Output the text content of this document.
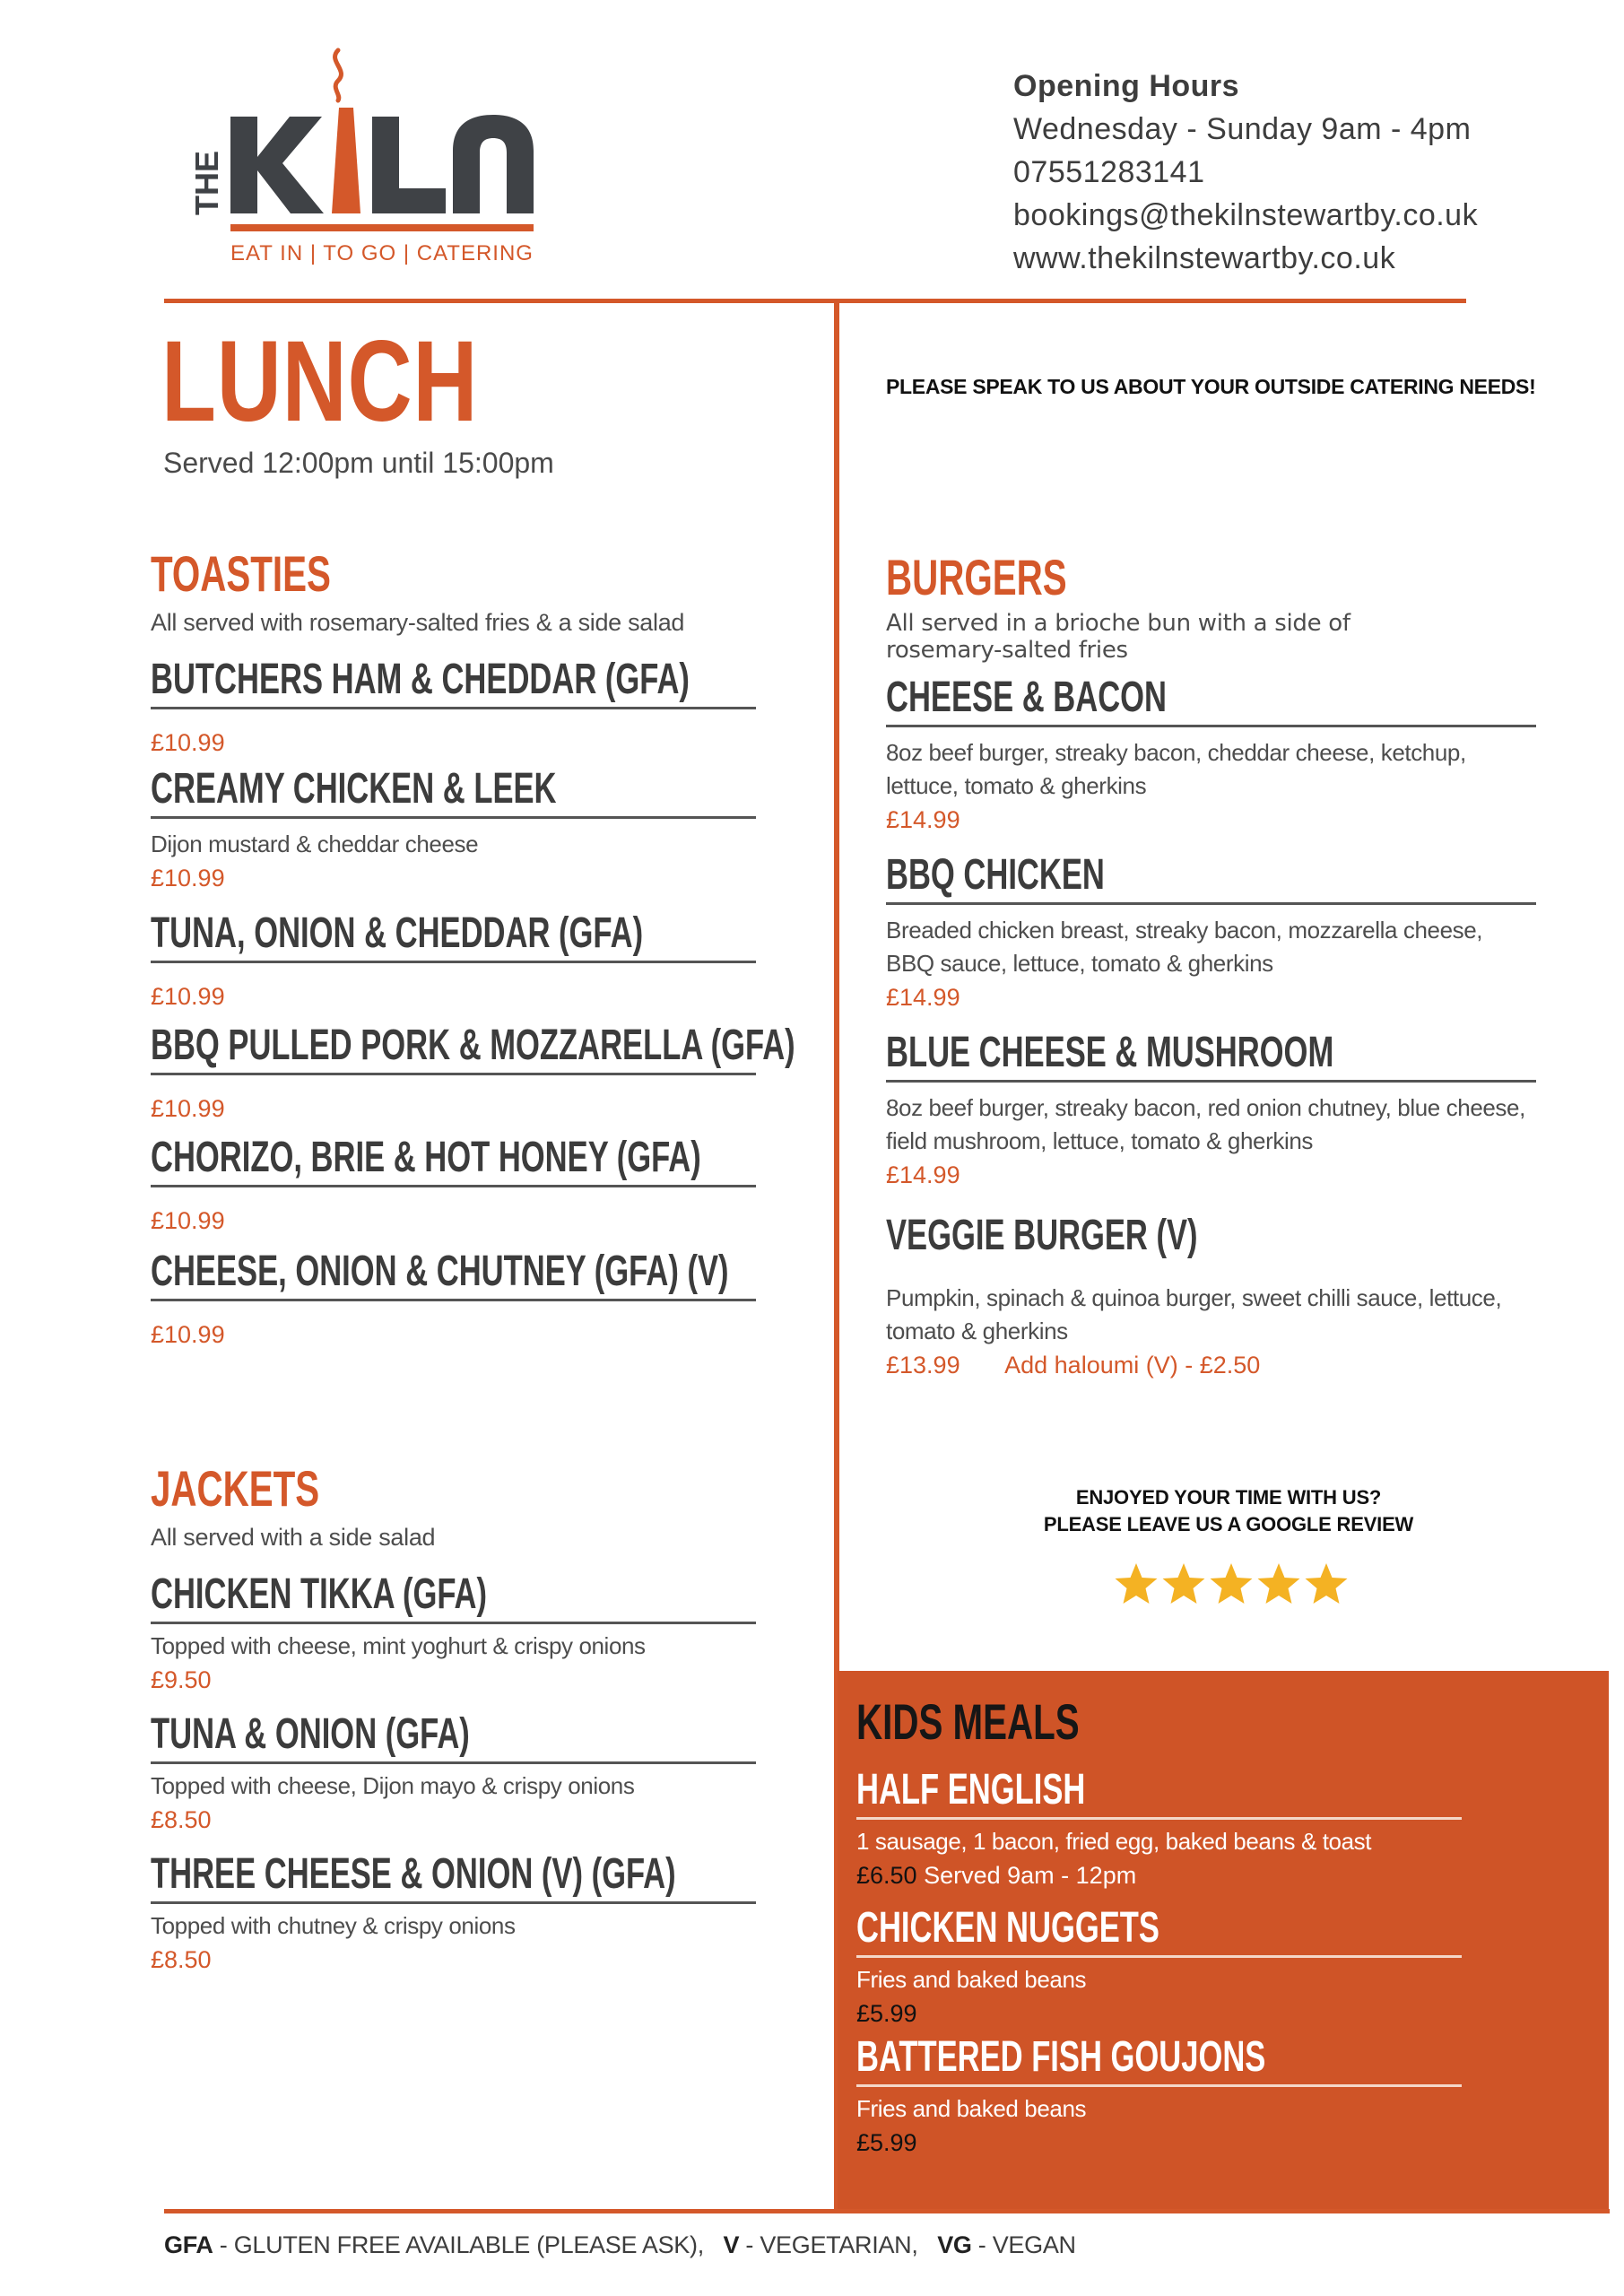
THE
EAT IN | TO GO | CATERING
Opening Hours
Wednesday - Sunday 9am - 4pm
07551283141
bookings@thekilnstewartby.co.uk
www.thekilnstewartby.co.uk
LUNCH
Served 12:00pm until 15:00pm
PLEASE SPEAK TO US ABOUT YOUR OUTSIDE CATERING NEEDS!
TOASTIES
All served with rosemary-salted fries & a side salad
BUTCHERS HAM & CHEDDAR (GFA)
£10.99
CREAMY CHICKEN & LEEK
Dijon mustard & cheddar cheese
£10.99
TUNA, ONION & CHEDDAR (GFA)
£10.99
BBQ PULLED PORK & MOZZARELLA (GFA)
£10.99
CHORIZO, BRIE & HOT HONEY (GFA)
£10.99
CHEESE, ONION & CHUTNEY (GFA) (V)
£10.99
JACKETS
All served with a side salad
CHICKEN TIKKA (GFA)
Topped with cheese, mint yoghurt & crispy onions
£9.50
TUNA & ONION (GFA)
Topped with cheese, Dijon mayo & crispy onions
£8.50
THREE CHEESE & ONION (V) (GFA)
Topped with chutney & crispy onions
£8.50
BURGERS
All served in a brioche bun with a side of
rosemary-salted fries
CHEESE & BACON
8oz beef burger, streaky bacon, cheddar cheese, ketchup,
lettuce, tomato & gherkins
£14.99
BBQ CHICKEN
Breaded chicken breast, streaky bacon, mozzarella cheese,
BBQ sauce, lettuce, tomato & gherkins
£14.99
BLUE CHEESE & MUSHROOM
8oz beef burger, streaky bacon, red onion chutney, blue cheese,
field mushroom, lettuce, tomato & gherkins
£14.99
VEGGIE BURGER (V)
Pumpkin, spinach & quinoa burger, sweet chilli sauce, lettuce,
tomato & gherkins
£13.99 Add haloumi (V) - £2.50
ENJOYED YOUR TIME WITH US?
PLEASE LEAVE US A GOOGLE REVIEW
KIDS MEALS
HALF ENGLISH
1 sausage, 1 bacon, fried egg, baked beans & toast
£6.50 Served 9am - 12pm
CHICKEN NUGGETS
Fries and baked beans
£5.99
BATTERED FISH GOUJONS
Fries and baked beans
£5.99
GFA - GLUTEN FREE AVAILABLE (PLEASE ASK), V - VEGETARIAN, VG - VEGAN
